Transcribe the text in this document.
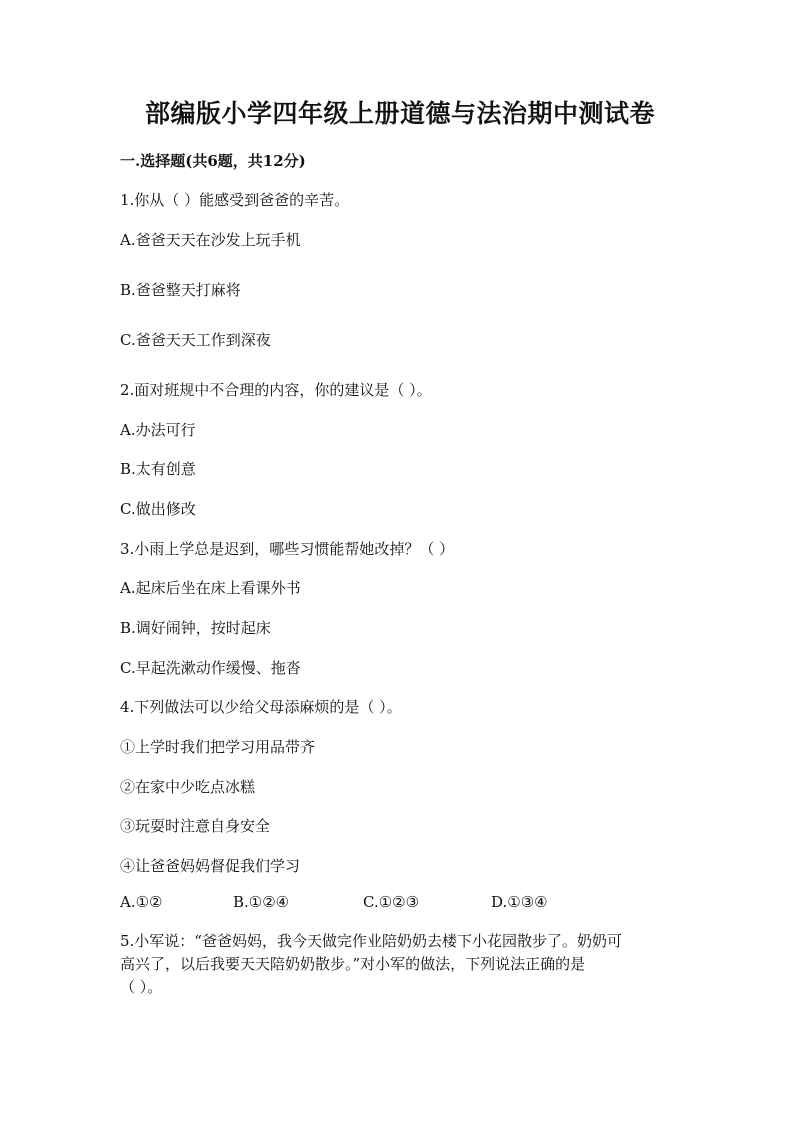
部编版小学四年级上册道德与法治期中测试卷
一.选择题(共6题，共12分)
1.你从（ ）能感受到爸爸的辛苦。
A.爸爸天天在沙发上玩手机
B.爸爸整天打麻将
C.爸爸天天工作到深夜
2.面对班规中不合理的内容，你的建议是（ ）。
A.办法可行
B.太有创意
C.做出修改
3.小雨上学总是迟到，哪些习惯能帮她改掉？（ ）
A.起床后坐在床上看课外书
B.调好闹钟，按时起床
C.早起洗漱动作缓慢、拖沓
4.下列做法可以少给父母添麻烦的是（ ）。
①上学时我们把学习用品带齐
②在家中少吃点冰糕
③玩耍时注意自身安全
④让爸爸妈妈督促我们学习
A.①②	B.①②④	C.①②③	D.①③④
5.小军说：“爸爸妈妈，我今天做完作业陪奶奶去楼下小花园散步了。奶奶可
高兴了，以后我要天天陪奶奶散步。”对小军的做法，下列说法正确的是
（ ）。
